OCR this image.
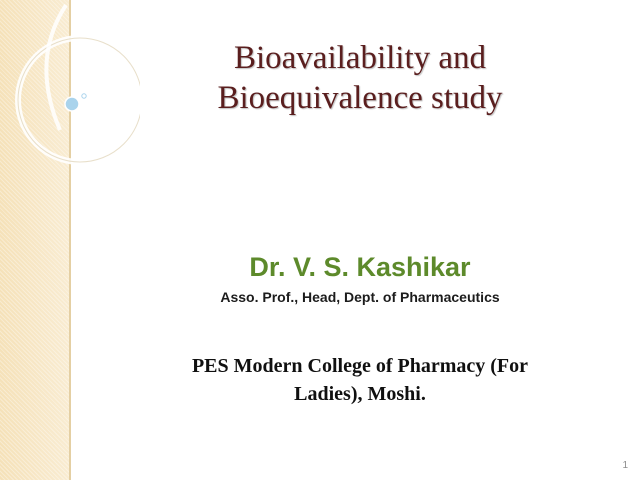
Bioavailability and
Bioequivalence study
Dr. V. S. Kashikar
Asso. Prof., Head, Dept. of Pharmaceutics
PES Modern College of Pharmacy (For
Ladies), Moshi.
1
